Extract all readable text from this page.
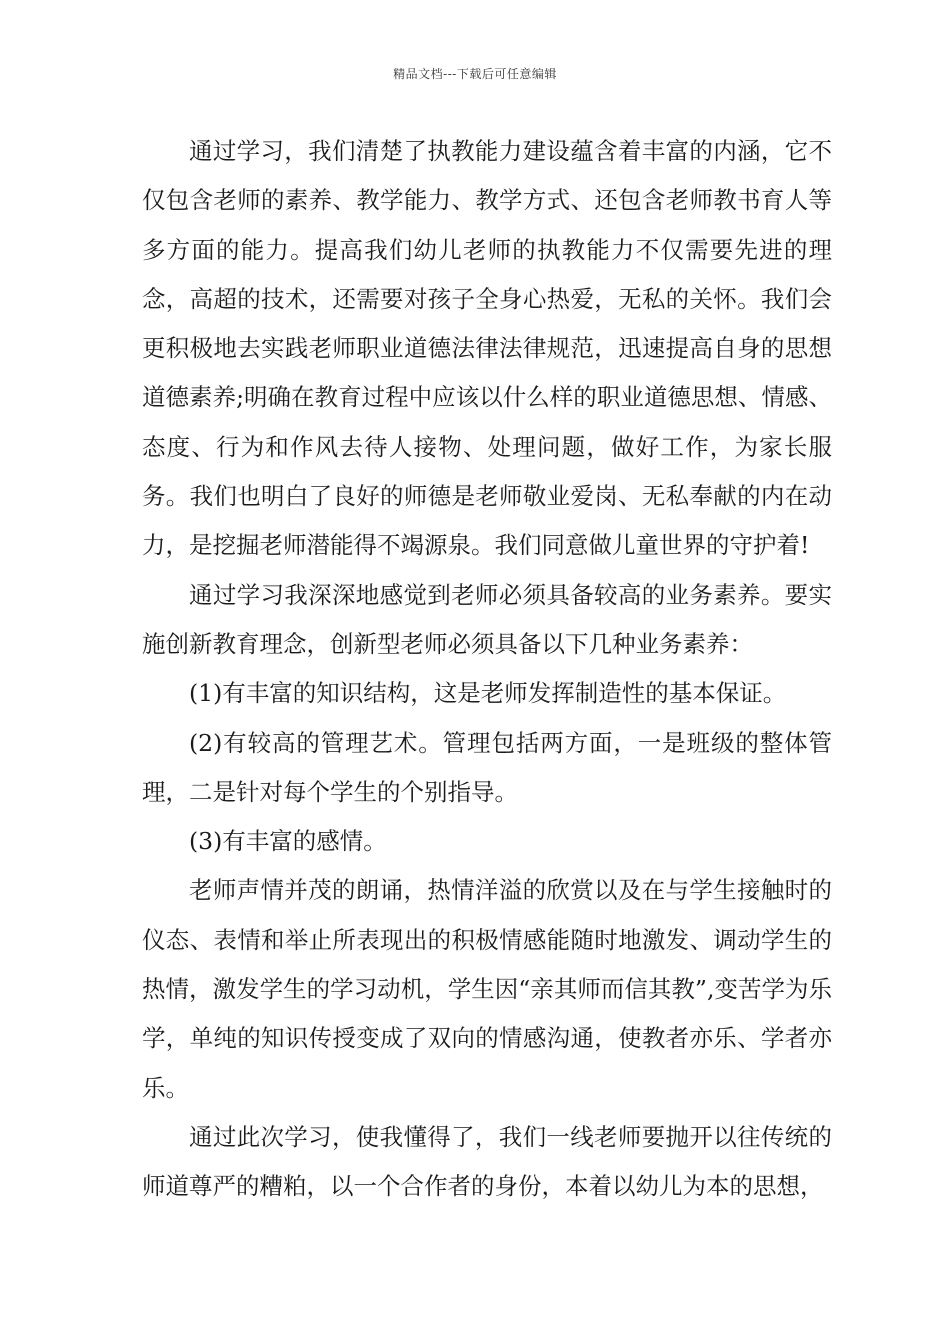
精品文档---下载后可任意编辑

通过学习，我们清楚了执教能力建设蕴含着丰富的内涵，它不仅包含老师的素养、教学能力、教学方式、还包含老师教书育人等多方面的能力。提高我们幼儿老师的执教能力不仅需要先进的理念，高超的技术，还需要对孩子全身心热爱，无私的关怀。我们会更积极地去实践老师职业道德法律法律规范，迅速提高自身的思想道德素养;明确在教育过程中应该以什么样的职业道德思想、情感、态度、行为和作风去待人接物、处理问题，做好工作，为家长服务。我们也明白了良好的师德是老师敬业爱岗、无私奉献的内在动力，是挖掘老师潜能得不竭源泉。我们同意做儿童世界的守护着!

通过学习我深深地感觉到老师必须具备较高的业务素养。要实施创新教育理念，创新型老师必须具备以下几种业务素养：

(1)有丰富的知识结构，这是老师发挥制造性的基本保证。

(2)有较高的管理艺术。管理包括两方面，一是班级的整体管理，二是针对每个学生的个别指导。

(3)有丰富的感情。

老师声情并茂的朗诵，热情洋溢的欣赏以及在与学生接触时的仪态、表情和举止所表现出的积极情感能随时地激发、调动学生的热情，激发学生的学习动机，学生因“亲其师而信其教”,变苦学为乐学，单纯的知识传授变成了双向的情感沟通，使教者亦乐、学者亦乐。

通过此次学习，使我懂得了，我们一线老师要抛开以往传统的师道尊严的糟粕，以一个合作者的身份，本着以幼儿为本的思想，
